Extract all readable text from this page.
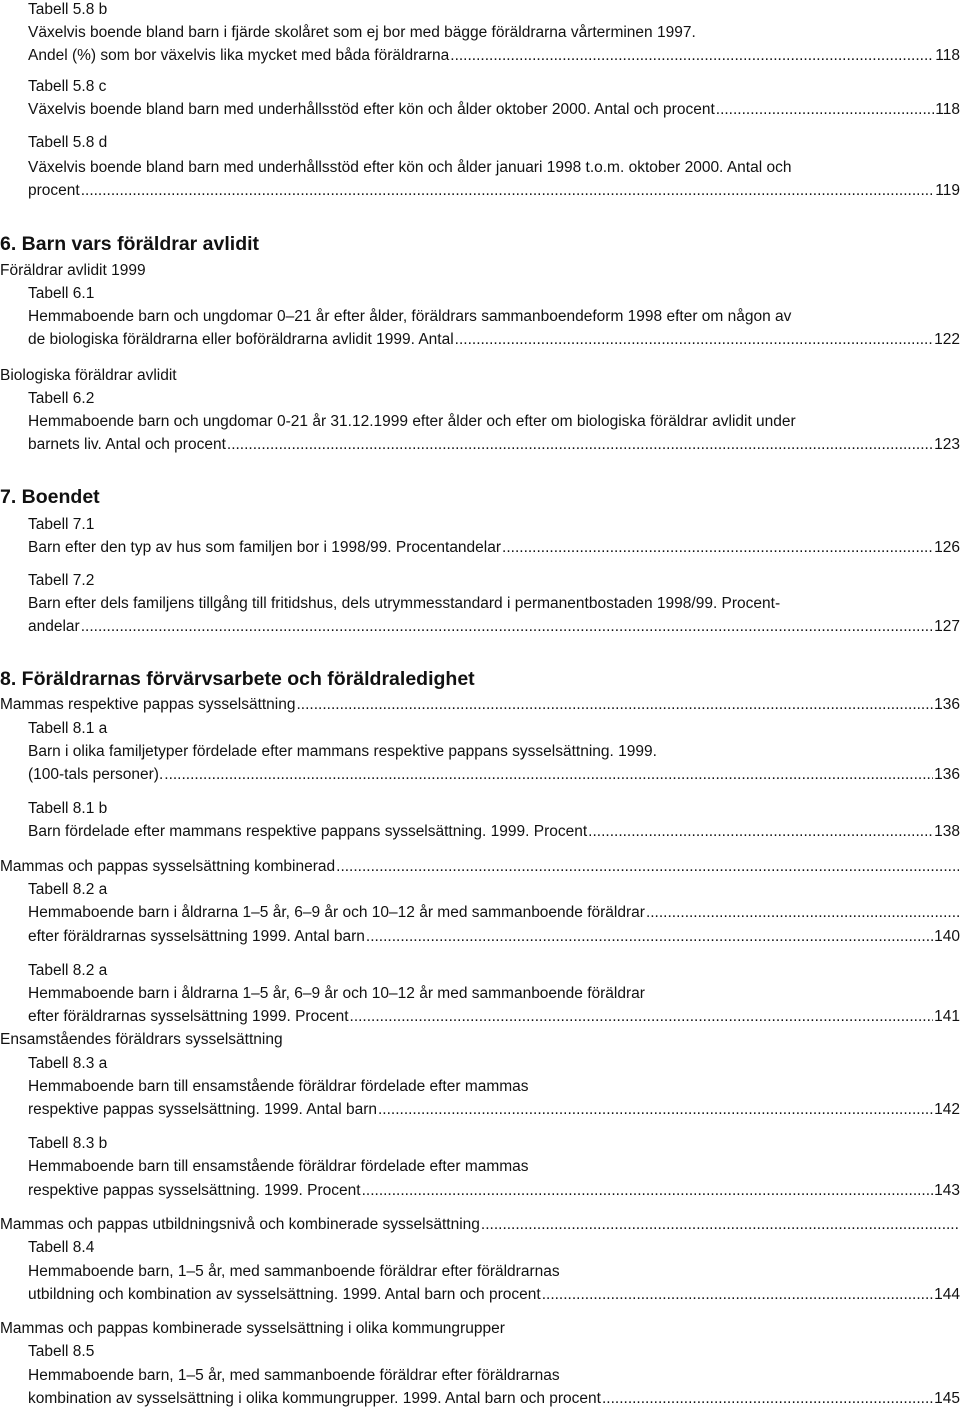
Tabell 5.8 b
Växelvis boende bland barn i fjärde skolåret som ej bor med bägge föräldrarna vårterminen 1997.
Andel (%) som bor växelvis lika mycket med båda föräldrarna .....	118
Tabell 5.8 c
Växelvis boende bland barn med underhållsstöd efter kön och ålder oktober 2000. Antal och procent .....	118
Tabell 5.8 d
Växelvis boende bland barn med underhållsstöd efter kön och ålder januari 1998 t.o.m. oktober 2000. Antal och
procent .....	119
6. Barn vars föräldrar avlidit
Föräldrar avlidit 1999
Tabell 6.1
Hemmaboende barn och ungdomar 0–21 år efter ålder, föräldrars sammanboendeform 1998 efter om någon av
de biologiska föräldrarna eller boföräldrarna avlidit 1999. Antal .....	122
Biologiska föräldrar avlidit
Tabell 6.2
Hemmaboende barn och ungdomar 0-21 år 31.12.1999 efter ålder och efter om biologiska föräldrar avlidit under
barnets liv. Antal och procent .....	123
7. Boendet
Tabell 7.1
Barn efter den typ av hus som familjen bor i 1998/99. Procentandelar .....	126
Tabell 7.2
Barn efter dels familjens tillgång till fritidshus, dels utrymmesstandard i permanentbostaden 1998/99. Procent-
andelar .....	127
8. Föräldrarnas förvärvsarbete och föräldraledighet
Mammas respektive pappas sysselsättning .....	136
Tabell 8.1 a
Barn i olika familjetyper fördelade efter mammans respektive pappans sysselsättning. 1999.
(100-tals personer). .....	136
Tabell 8.1 b
Barn fördelade efter mammans respektive pappans sysselsättning. 1999. Procent .....	138
Mammas och pappas sysselsättning kombinerad
.....
Tabell 8.2 a
Hemmaboende barn i åldrarna 1–5 år, 6–9 år och 10–12 år med sammanboende föräldrar
.....
efter föräldrarnas sysselsättning 1999. Antal barn .....	140
Tabell 8.2 a
Hemmaboende barn i åldrarna 1–5 år, 6–9 år och 10–12 år med sammanboende föräldrar
efter föräldrarnas sysselsättning 1999. Procent .....	141
Ensamståendes föräldrars sysselsättning
Tabell 8.3 a
Hemmaboende barn till ensamstående föräldrar fördelade efter mammas
respektive pappas sysselsättning. 1999. Antal barn .....	142
Tabell 8.3 b
Hemmaboende barn till ensamstående föräldrar fördelade efter mammas
respektive pappas sysselsättning. 1999. Procent .....	143
Mammas och pappas utbildningsnivå och kombinerade sysselsättning
.....
Tabell 8.4
Hemmaboende barn, 1–5 år, med sammanboende föräldrar efter föräldrarnas
utbildning och kombination av sysselsättning. 1999. Antal barn och procent .....	144
Mammas och pappas kombinerade sysselsättning i olika kommungrupper
Tabell 8.5
Hemmaboende barn, 1–5 år, med sammanboende föräldrar efter föräldrarnas
kombination av sysselsättning i olika kommungrupper. 1999. Antal barn och procent .....	145
